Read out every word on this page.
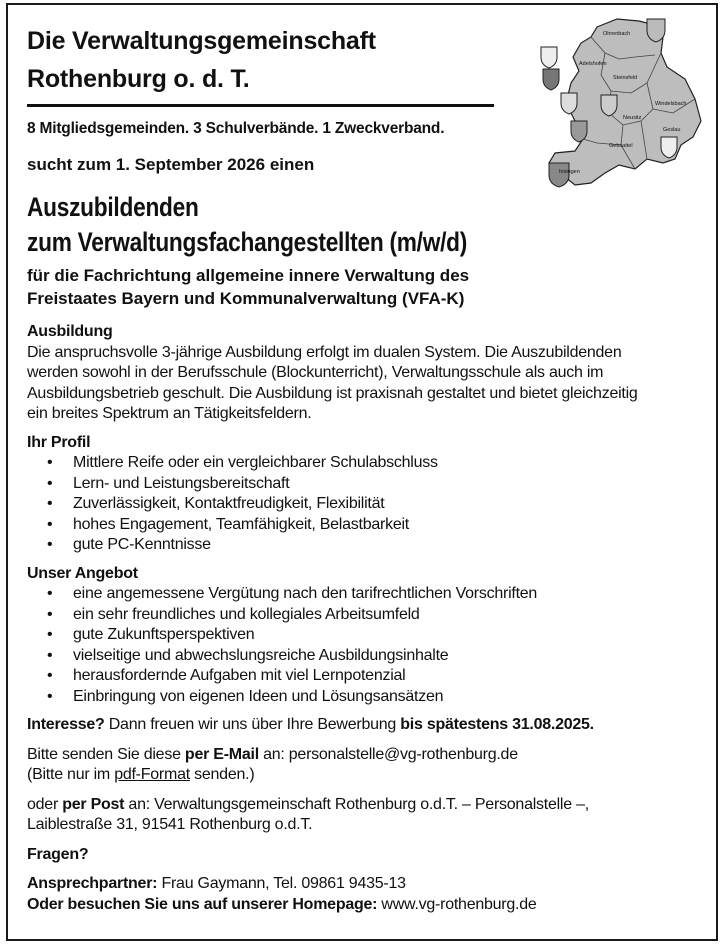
Die Verwaltungsgemeinschaft
Rothenburg o. d. T.
8 Mitgliedsgemeinden. 3 Schulverbände. 1 Zweckverband.
sucht zum 1. September 2026 einen
Auszubildenden
zum Verwaltungsfachangestellten (m/w/d)
für die Fachrichtung allgemeine innere Verwaltung des
Freistaates Bayern und Kommunalverwaltung (VFA-K)
Ohrenbach
Adelshofen
Steinsfeld
Windelsbach
Neusitz
Geslau
Gebsattel
Insingen
Ausbildung
Die anspruchsvolle 3-jährige Ausbildung erfolgt im dualen System. Die Auszubildenden
werden sowohl in der Berufsschule (Blockunterricht), Verwaltungsschule als auch im
Ausbildungsbetrieb geschult. Die Ausbildung ist praxisnah gestaltet und bietet gleichzeitig
ein breites Spektrum an Tätigkeitsfeldern.
Ihr Profil
• Mittlere Reife oder ein vergleichbarer Schulabschluss
• Lern- und Leistungsbereitschaft
• Zuverlässigkeit, Kontaktfreudigkeit, Flexibilität
• hohes Engagement, Teamfähigkeit, Belastbarkeit
• gute PC-Kenntnisse
Unser Angebot
• eine angemessene Vergütung nach den tarifrechtlichen Vorschriften
• ein sehr freundliches und kollegiales Arbeitsumfeld
• gute Zukunftsperspektiven
• vielseitige und abwechslungsreiche Ausbildungsinhalte
• herausfordernde Aufgaben mit viel Lernpotenzial
• Einbringung von eigenen Ideen und Lösungsansätzen
Interesse? Dann freuen wir uns über Ihre Bewerbung bis spätestens 31.08.2025.
Bitte senden Sie diese per E-Mail an: personalstelle@vg-rothenburg.de
(Bitte nur im pdf-Format senden.)
oder per Post an: Verwaltungsgemeinschaft Rothenburg o.d.T. – Personalstelle –,
Laiblestraße 31, 91541 Rothenburg o.d.T.
Fragen?
Ansprechpartner: Frau Gaymann, Tel. 09861 9435-13
Oder besuchen Sie uns auf unserer Homepage: www.vg-rothenburg.de
